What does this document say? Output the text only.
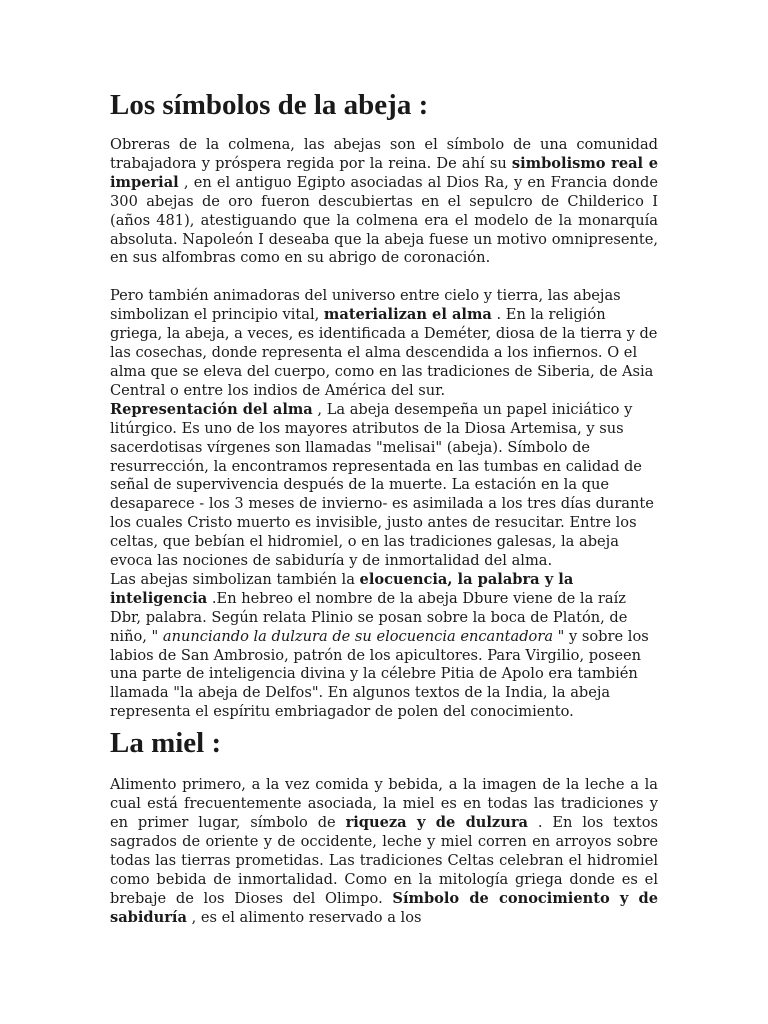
Los símbolos de la abeja :

Obreras de la colmena, las abejas son el símbolo de una comunidad trabajadora y próspera regida por la reina. De ahí su simbolismo real e imperial , en el antiguo Egipto asociadas al Dios Ra, y en Francia donde 300 abejas de oro fueron descubiertas en el sepulcro de Childerico I (años 481), atestiguando que la colmena era el modelo de la monarquía absoluta. Napoleón I deseaba que la abeja fuese un motivo omnipresente, en sus alfombras como en su abrigo de coronación.

Pero también animadoras del universo entre cielo y tierra, las abejas simbolizan el principio vital, materializan el alma . En la religión griega, la abeja, a veces, es identificada a Deméter, diosa de la tierra y de las cosechas, donde representa el alma descendida a los infiernos. O el alma que se eleva del cuerpo, como en las tradiciones de Siberia, de Asia Central o entre los indios de América del sur.

Representación del alma , La abeja desempeña un papel iniciático y litúrgico. Es uno de los mayores atributos de la Diosa Artemisa, y sus sacerdotisas vírgenes son llamadas "melisai" (abeja). Símbolo de resurrección, la encontramos representada en las tumbas en calidad de señal de supervivencia después de la muerte. La estación en la que desaparece - los 3 meses de invierno- es asimilada a los tres días durante los cuales Cristo muerto es invisible, justo antes de resucitar. Entre los celtas, que bebían el hidromiel, o en las tradiciones galesas, la abeja evoca las nociones de sabiduría y de inmortalidad del alma.

Las abejas simbolizan también la elocuencia, la palabra y la inteligencia .En hebreo el nombre de la abeja Dbure viene de la raíz Dbr, palabra. Según relata Plinio se posan sobre la boca de Platón, de niño, " anunciando la dulzura de su elocuencia encantadora " y sobre los labios de San Ambrosio, patrón de los apicultores. Para Virgilio, poseen una parte de inteligencia divina y la célebre Pitia de Apolo era también llamada "la abeja de Delfos". En algunos textos de la India, la abeja representa el espíritu embriagador de polen del conocimiento.

La miel :

Alimento primero, a la vez comida y bebida, a la imagen de la leche a la cual está frecuentemente asociada, la miel es en todas las tradiciones y en primer lugar, símbolo de riqueza y de dulzura . En los textos sagrados de oriente y de occidente, leche y miel corren en arroyos sobre todas las tierras prometidas. Las tradiciones Celtas celebran el hidromiel como bebida de inmortalidad. Como en la mitología griega donde es el brebaje de los Dioses del Olimpo. Símbolo de conocimiento y de sabiduría , es el alimento reservado a los
